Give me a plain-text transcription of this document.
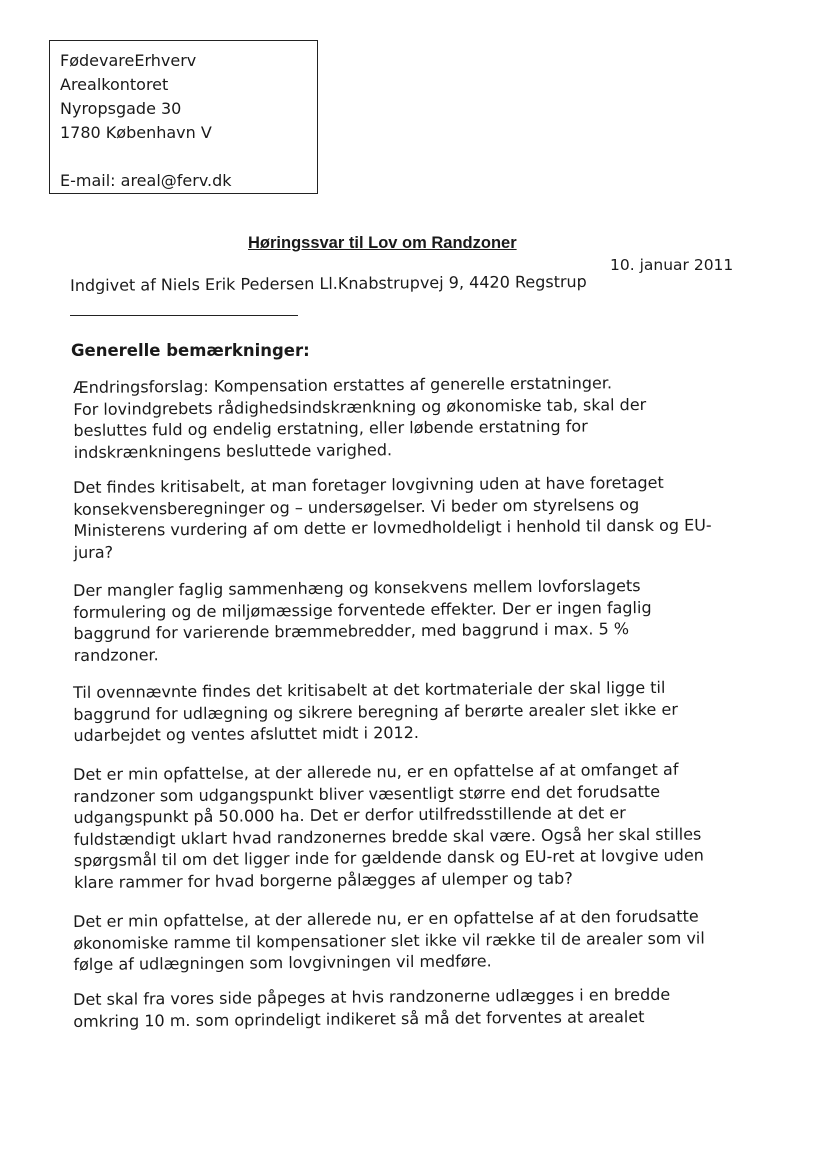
FødevareErhverv
Arealkontoret
Nyropsgade 30
1780 København V
E-mail: areal@ferv.dk
Høringssvar til Lov om Randzoner
10. januar 2011
Indgivet af Niels Erik Pedersen Ll.Knabstrupvej 9, 4420 Regstrup
Generelle bemærkninger:
Ændringsforslag: Kompensation erstattes af generelle erstatninger.
For lovindgrebets rådighedsindskrænkning og økonomiske tab, skal der
besluttes fuld og endelig erstatning, eller løbende erstatning for
indskrænkningens besluttede varighed.
Det findes kritisabelt, at man foretager lovgivning uden at have foretaget
konsekvensberegninger og – undersøgelser. Vi beder om styrelsens og
Ministerens vurdering af om dette er lovmedholdeligt i henhold til dansk og EU-
jura?
Der mangler faglig sammenhæng og konsekvens mellem lovforslagets
formulering og de miljømæssige forventede effekter. Der er ingen faglig
baggrund for varierende bræmmebredder, med baggrund i max. 5 %
randzoner.
Til ovennævnte findes det kritisabelt at det kortmateriale der skal ligge til
baggrund for udlægning og sikrere beregning af berørte arealer slet ikke er
udarbejdet og ventes afsluttet midt i 2012.
Det er min opfattelse, at der allerede nu, er en opfattelse af at omfanget af
randzoner som udgangspunkt bliver væsentligt større end det forudsatte
udgangspunkt på 50.000 ha. Det er derfor utilfredsstillende at det er
fuldstændigt uklart hvad randzonernes bredde skal være. Også her skal stilles
spørgsmål til om det ligger inde for gældende dansk og EU-ret at lovgive uden
klare rammer for hvad borgerne pålægges af ulemper og tab?
Det er min opfattelse, at der allerede nu, er en opfattelse af at den forudsatte
økonomiske ramme til kompensationer slet ikke vil række til de arealer som vil
følge af udlægningen som lovgivningen vil medføre.
Det skal fra vores side påpeges at hvis randzonerne udlægges i en bredde
omkring 10 m. som oprindeligt indikeret så må det forventes at arealet
